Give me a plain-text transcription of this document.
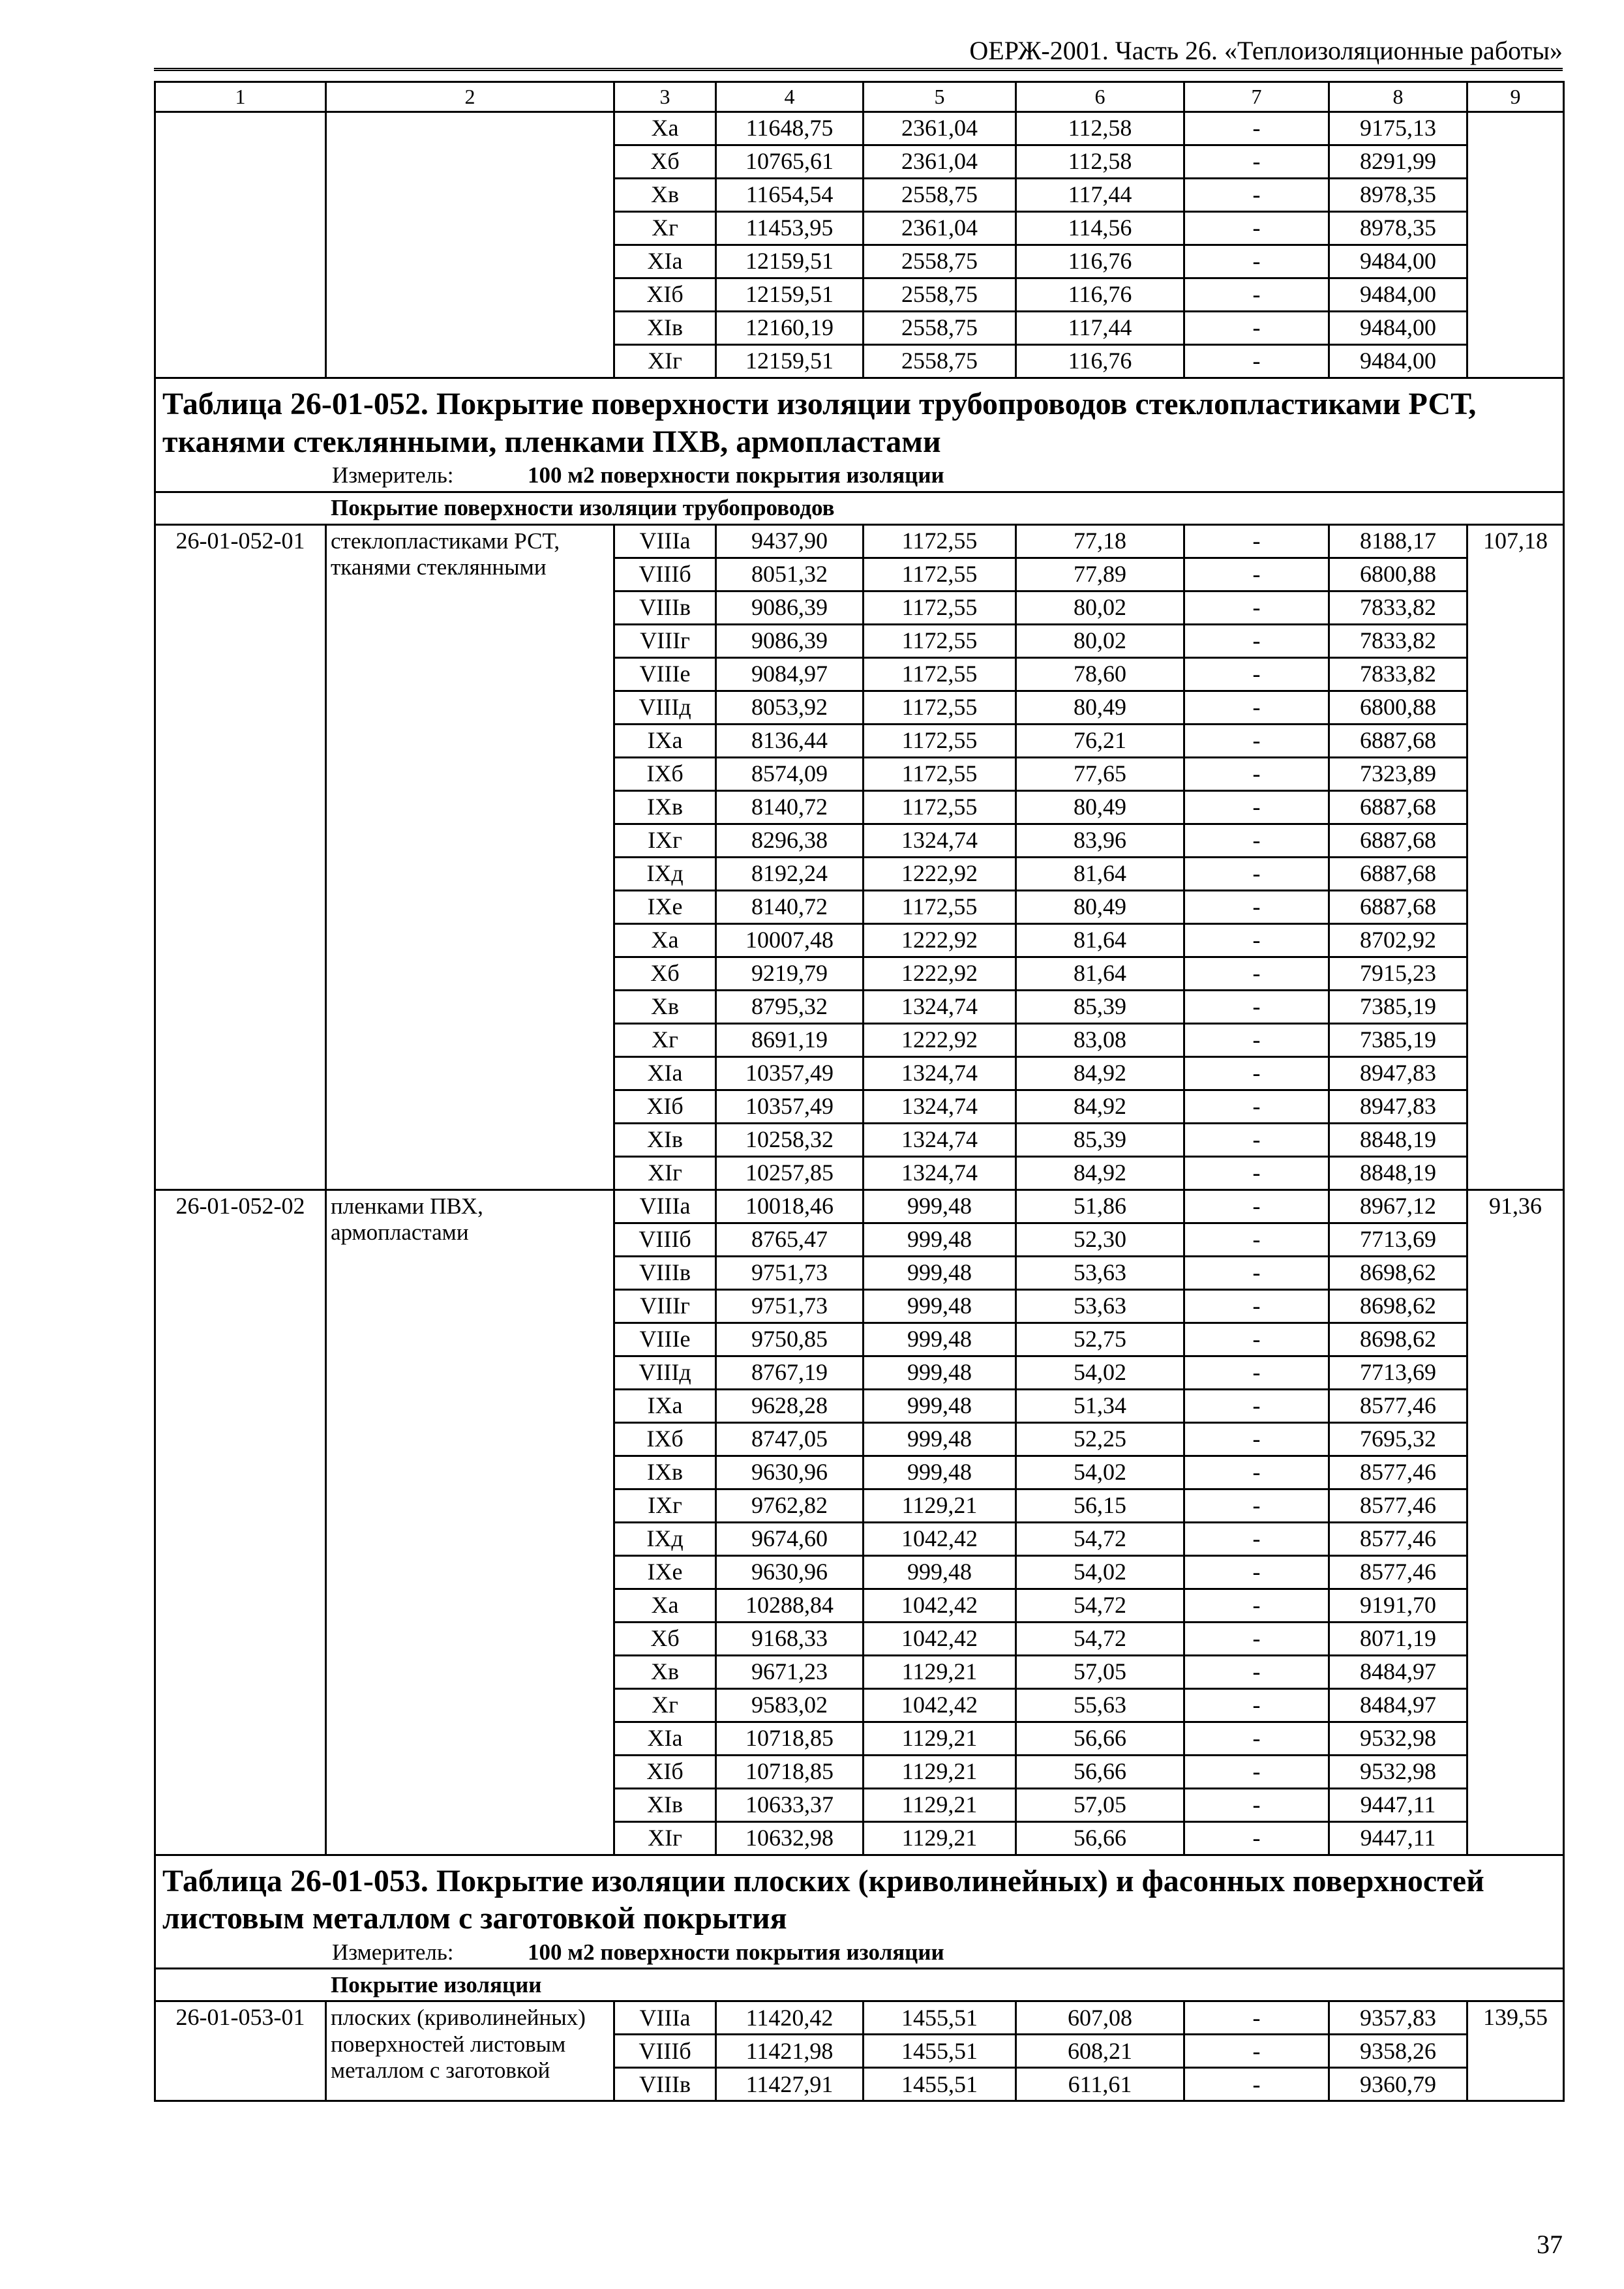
ОЕРЖ-2001. Часть 26. «Теплоизоляционные работы»
1	2	3	4	5	6	7	8	9
		Xa	11648,75	2361,04	112,58	-	9175,13	
		Xб	10765,61	2361,04	112,58	-	8291,99	
		Xв	11654,54	2558,75	117,44	-	8978,35	
		Xг	11453,95	2361,04	114,56	-	8978,35	
		XIa	12159,51	2558,75	116,76	-	9484,00	
		XIб	12159,51	2558,75	116,76	-	9484,00	
		XIв	12160,19	2558,75	117,44	-	9484,00	
		XIг	12159,51	2558,75	116,76	-	9484,00	
Таблица 26-01-052. Покрытие поверхности изоляции трубопроводов стеклопластиками РСТ, тканями стеклянными, пленками ПХВ, армопластами								
Измеритель: 100 м2 поверхности покрытия изоляции								
Покрытие поверхности изоляции трубопроводов								
26-01-052-01	стеклопластиками РСТ, тканями стеклянными	VIIIa	9437,90	1172,55	77,18	-	8188,17	107,18
		VIIIб	8051,32	1172,55	77,89	-	6800,88	
		VIIIв	9086,39	1172,55	80,02	-	7833,82	
		VIIIг	9086,39	1172,55	80,02	-	7833,82	
		VIIIе	9084,97	1172,55	78,60	-	7833,82	
		VIIIд	8053,92	1172,55	80,49	-	6800,88	
		IXa	8136,44	1172,55	76,21	-	6887,68	
		IXб	8574,09	1172,55	77,65	-	7323,89	
		IXв	8140,72	1172,55	80,49	-	6887,68	
		IXг	8296,38	1324,74	83,96	-	6887,68	
		IXд	8192,24	1222,92	81,64	-	6887,68	
		IXе	8140,72	1172,55	80,49	-	6887,68	
		Xa	10007,48	1222,92	81,64	-	8702,92	
		Xб	9219,79	1222,92	81,64	-	7915,23	
		Xв	8795,32	1324,74	85,39	-	7385,19	
		Xг	8691,19	1222,92	83,08	-	7385,19	
		XIa	10357,49	1324,74	84,92	-	8947,83	
		XIб	10357,49	1324,74	84,92	-	8947,83	
		XIв	10258,32	1324,74	85,39	-	8848,19	
		XIг	10257,85	1324,74	84,92	-	8848,19	
26-01-052-02	пленками ПВХ, армопластами	VIIIa	10018,46	999,48	51,86	-	8967,12	91,36
		VIIIб	8765,47	999,48	52,30	-	7713,69	
		VIIIв	9751,73	999,48	53,63	-	8698,62	
		VIIIг	9751,73	999,48	53,63	-	8698,62	
		VIIIе	9750,85	999,48	52,75	-	8698,62	
		VIIIд	8767,19	999,48	54,02	-	7713,69	
		IXa	9628,28	999,48	51,34	-	8577,46	
		IXб	8747,05	999,48	52,25	-	7695,32	
		IXв	9630,96	999,48	54,02	-	8577,46	
		IXг	9762,82	1129,21	56,15	-	8577,46	
		IXд	9674,60	1042,42	54,72	-	8577,46	
		IXе	9630,96	999,48	54,02	-	8577,46	
		Xa	10288,84	1042,42	54,72	-	9191,70	
		Xб	9168,33	1042,42	54,72	-	8071,19	
		Xв	9671,23	1129,21	57,05	-	8484,97	
		Xг	9583,02	1042,42	55,63	-	8484,97	
		XIa	10718,85	1129,21	56,66	-	9532,98	
		XIб	10718,85	1129,21	56,66	-	9532,98	
		XIв	10633,37	1129,21	57,05	-	9447,11	
		XIг	10632,98	1129,21	56,66	-	9447,11	
Таблица 26-01-053. Покрытие изоляции плоских (криволинейных) и фасонных поверхностей листовым металлом с заготовкой покрытия								
Измеритель: 100 м2 поверхности покрытия изоляции								
Покрытие изоляции								
26-01-053-01	плоских (криволинейных) поверхностей листовым металлом с заготовкой	VIIIa	11420,42	1455,51	607,08	-	9357,83	139,55
		VIIIб	11421,98	1455,51	608,21	-	9358,26	
		VIIIв	11427,91	1455,51	611,61	-	9360,79	
37
